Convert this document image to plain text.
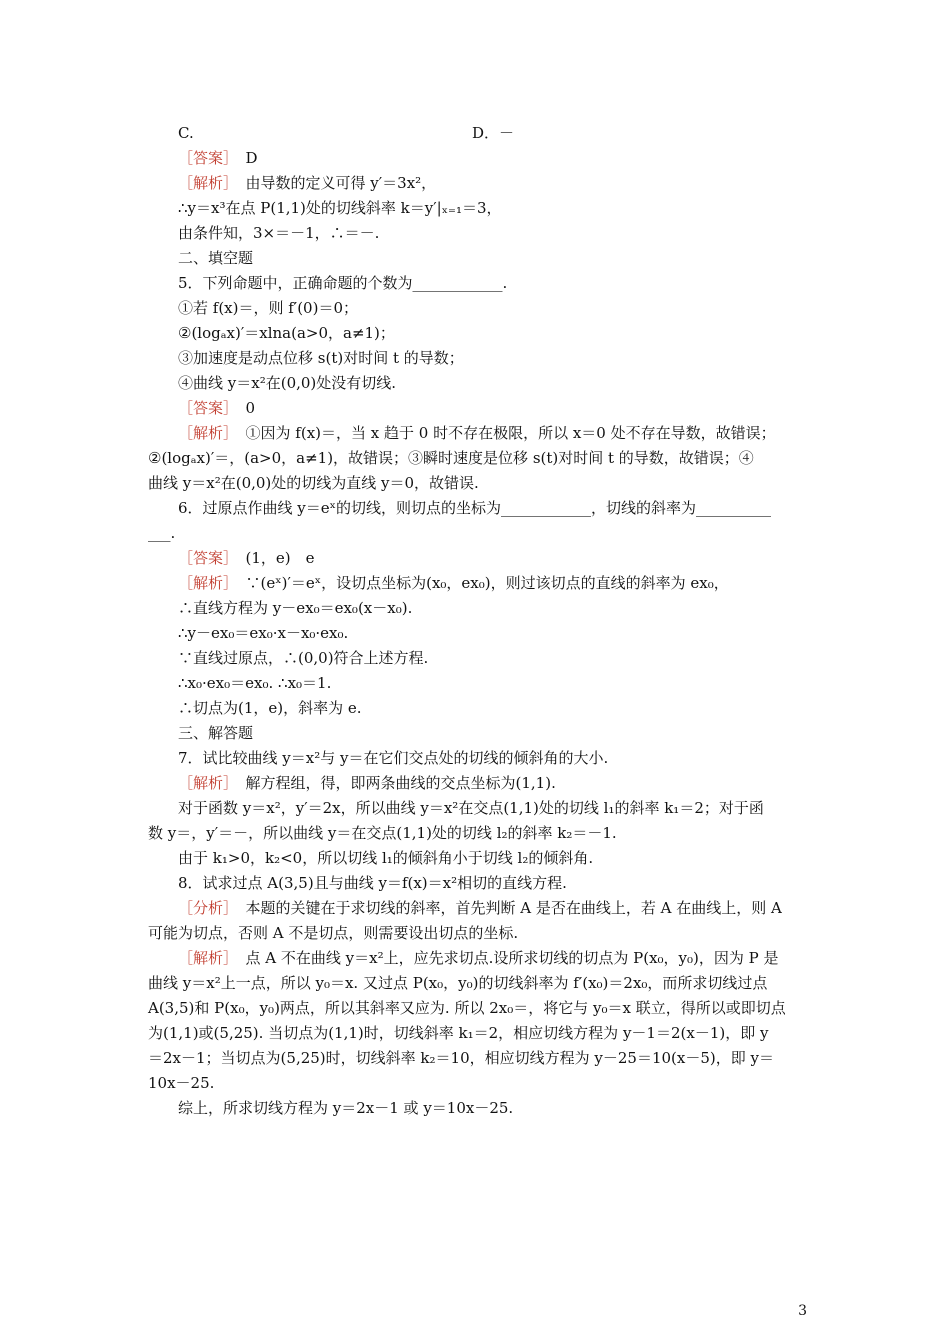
C.	D．－
［答案］　D
［解析］　由导数的定义可得 y′＝3x²，
∴y＝x³在点 P(1,1)处的切线斜率 k＝y′|ₓ₌₁＝3，
由条件知，3×＝－1，∴＝－.
二、填空题
5．下列命题中，正确命题的个数为____________.
①若 f(x)＝，则 f′(0)＝0；
②(logₐx)′＝xlna(a>0，a≠1)；
③加速度是动点位移 s(t)对时间 t 的导数；
④曲线 y＝x²在(0,0)处没有切线.
［答案］　0
［解析］　①因为 f(x)＝，当 x 趋于 0 时不存在极限，所以 x＝0 处不存在导数，故错误；
②(logₐx)′＝，(a>0，a≠1)，故错误；③瞬时速度是位移 s(t)对时间 t 的导数，故错误；④
曲线 y＝x²在(0,0)处的切线为直线 y＝0，故错误.
6．过原点作曲线 y＝eˣ的切线，则切点的坐标为____________，切线的斜率为__________
___.
［答案］　(1，e)　e
［解析］　∵(eˣ)′＝eˣ，设切点坐标为(x₀，ex₀)，则过该切点的直线的斜率为 ex₀，
∴直线方程为 y－ex₀＝ex₀(x－x₀).
∴y－ex₀＝ex₀·x－x₀·ex₀.
∵直线过原点，∴(0,0)符合上述方程.
∴x₀·ex₀＝ex₀. ∴x₀＝1.
∴切点为(1，e)，斜率为 e.
三、解答题
7．试比较曲线 y＝x²与 y＝在它们交点处的切线的倾斜角的大小.
［解析］　解方程组，得，即两条曲线的交点坐标为(1,1).
对于函数 y＝x²，y′＝2x，所以曲线 y＝x²在交点(1,1)处的切线 l₁的斜率 k₁＝2；对于函
数 y＝，y′＝－，所以曲线 y＝在交点(1,1)处的切线 l₂的斜率 k₂＝－1.
由于 k₁>0，k₂<0，所以切线 l₁的倾斜角小于切线 l₂的倾斜角.
8．试求过点 A(3,5)且与曲线 y＝f(x)＝x²相切的直线方程.
［分析］　本题的关键在于求切线的斜率，首先判断 A 是否在曲线上，若 A 在曲线上，则 A
可能为切点，否则 A 不是切点，则需要设出切点的坐标.
［解析］　点 A 不在曲线 y＝x²上，应先求切点.设所求切线的切点为 P(x₀，y₀)，因为 P 是
曲线 y＝x²上一点，所以 y₀＝x. 又过点 P(x₀，y₀)的切线斜率为 f′(x₀)＝2x₀，而所求切线过点
A(3,5)和 P(x₀，y₀)两点，所以其斜率又应为. 所以 2x₀＝，将它与 y₀＝x 联立，得所以或即切点
为(1,1)或(5,25). 当切点为(1,1)时，切线斜率 k₁＝2，相应切线方程为 y－1＝2(x－1)，即 y
＝2x－1；当切点为(5,25)时，切线斜率 k₂＝10，相应切线方程为 y－25＝10(x－5)，即 y＝
10x－25.
综上，所求切线方程为 y＝2x－1 或 y＝10x－25.
3
